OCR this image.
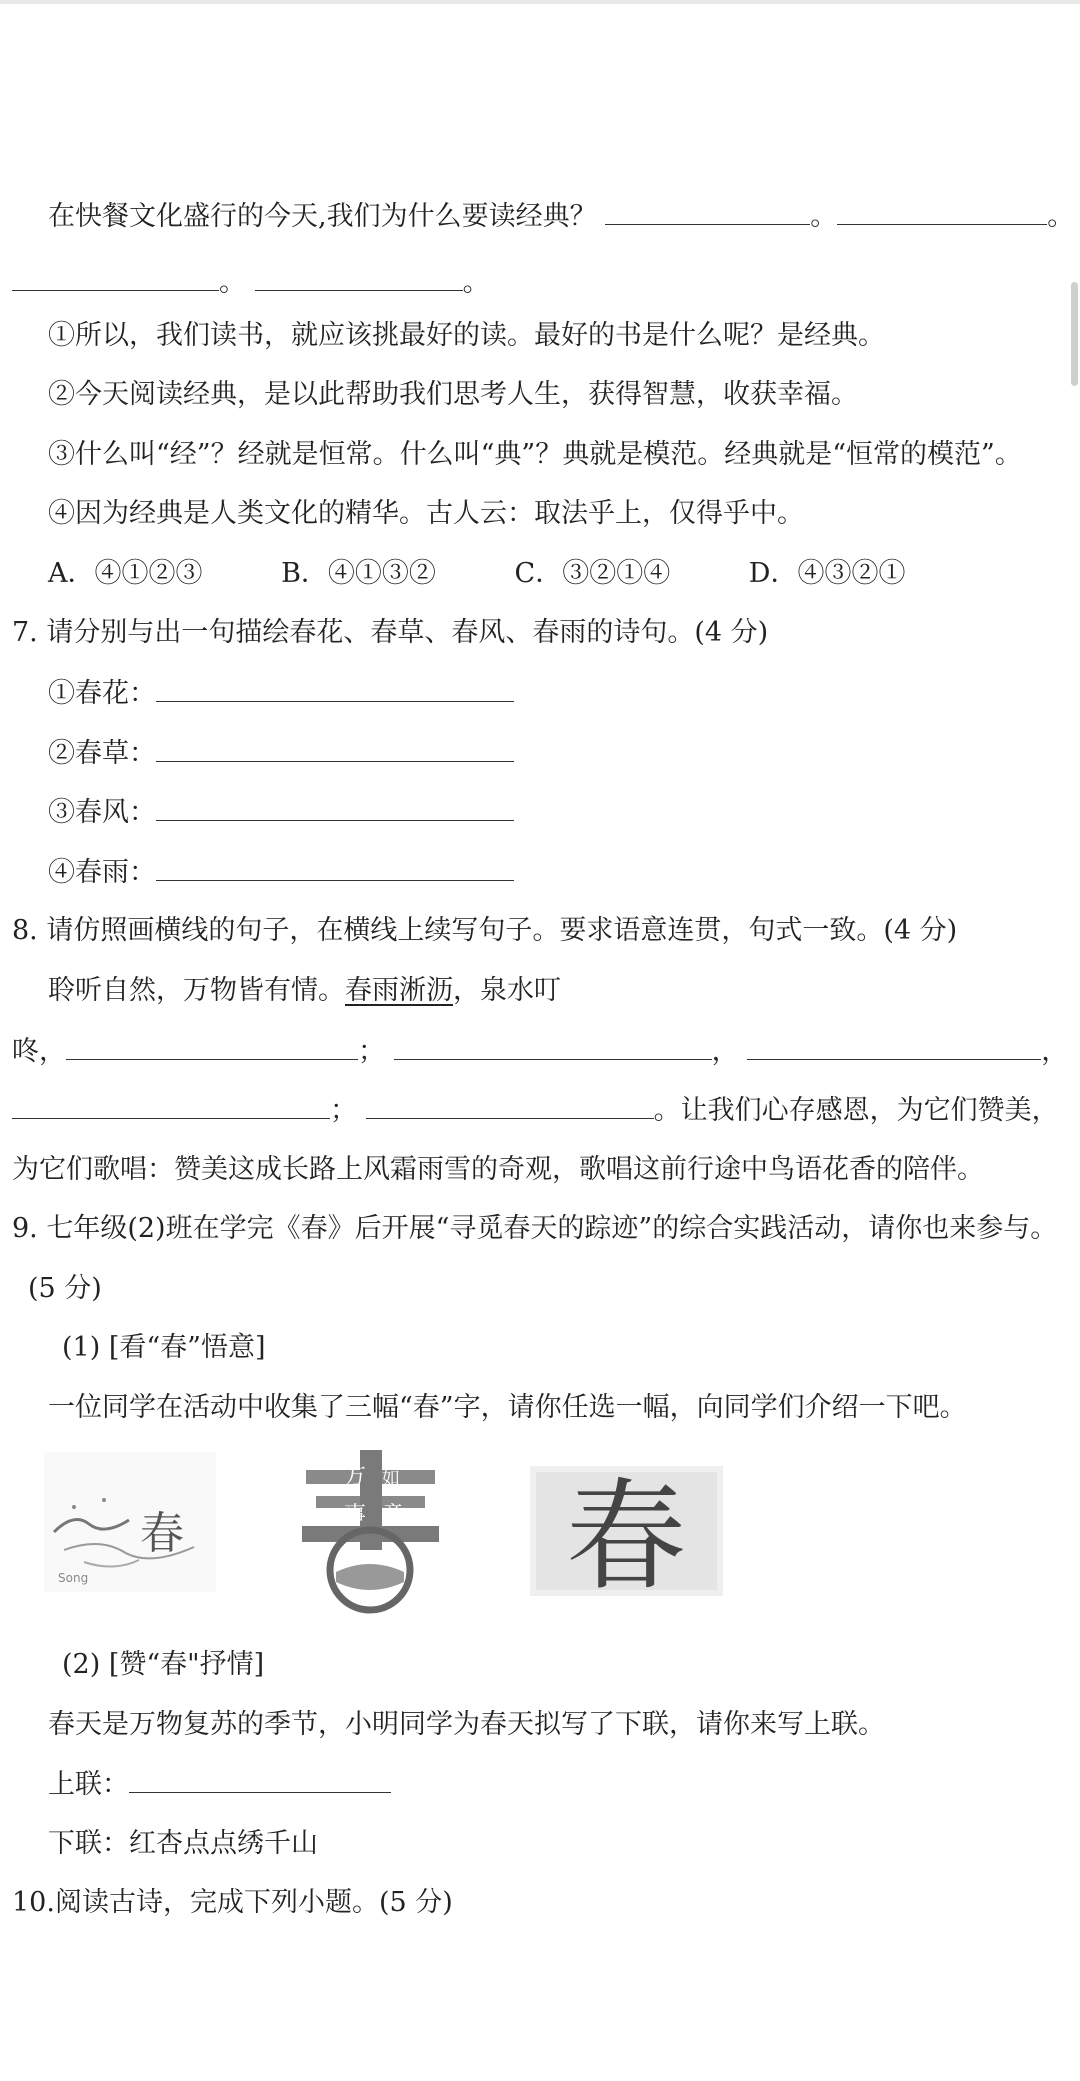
在快餐文化盛行的今天,我们为什么要读经典？	。	。
。	。
①所以，我们读书，就应该挑最好的读。最好的书是什么呢？是经典。
②今天阅读经典，是以此帮助我们思考人生，获得智慧，收获幸福。
③什么叫“经”？经就是恒常。什么叫“典”？典就是模范。经典就是“恒常的模范”。
④因为经典是人类文化的精华。古人云：取法乎上，仅得乎中。
A．④①②③	B．④①③②	C．③②①④	D．④③②①
7. 请分别与出一句描绘春花、春草、春风、春雨的诗句。(4 分)
①春花：
②春草：
③春风：
④春雨：
8. 请仿照画横线的句子，在横线上续写句子。要求语意连贯，句式一致。(4 分)
聆听自然，万物皆有情。春雨淅沥，泉水叮
咚，	；	，	，
；	。让我们心存感恩，为它们赞美，
为它们歌唱：赞美这成长路上风霜雨雪的奇观，歌唱这前行途中鸟语花香的陪伴。
9. 七年级(2)班在学完《春》后开展“寻觅春天的踪迹”的综合实践活动，请你也来参与。
(5 分)
(1) [看“春”悟意]
一位同学在活动中收集了三幅“春”字，请你任选一幅，向同学们介绍一下吧。
春
Song
万 如
事 意 春
(2) [赞“春"抒情]
春天是万物复苏的季节，小明同学为春天拟写了下联，请你来写上联。
上联：
下联：红杏点点绣千山
10.阅读古诗，完成下列小题。(5 分)
